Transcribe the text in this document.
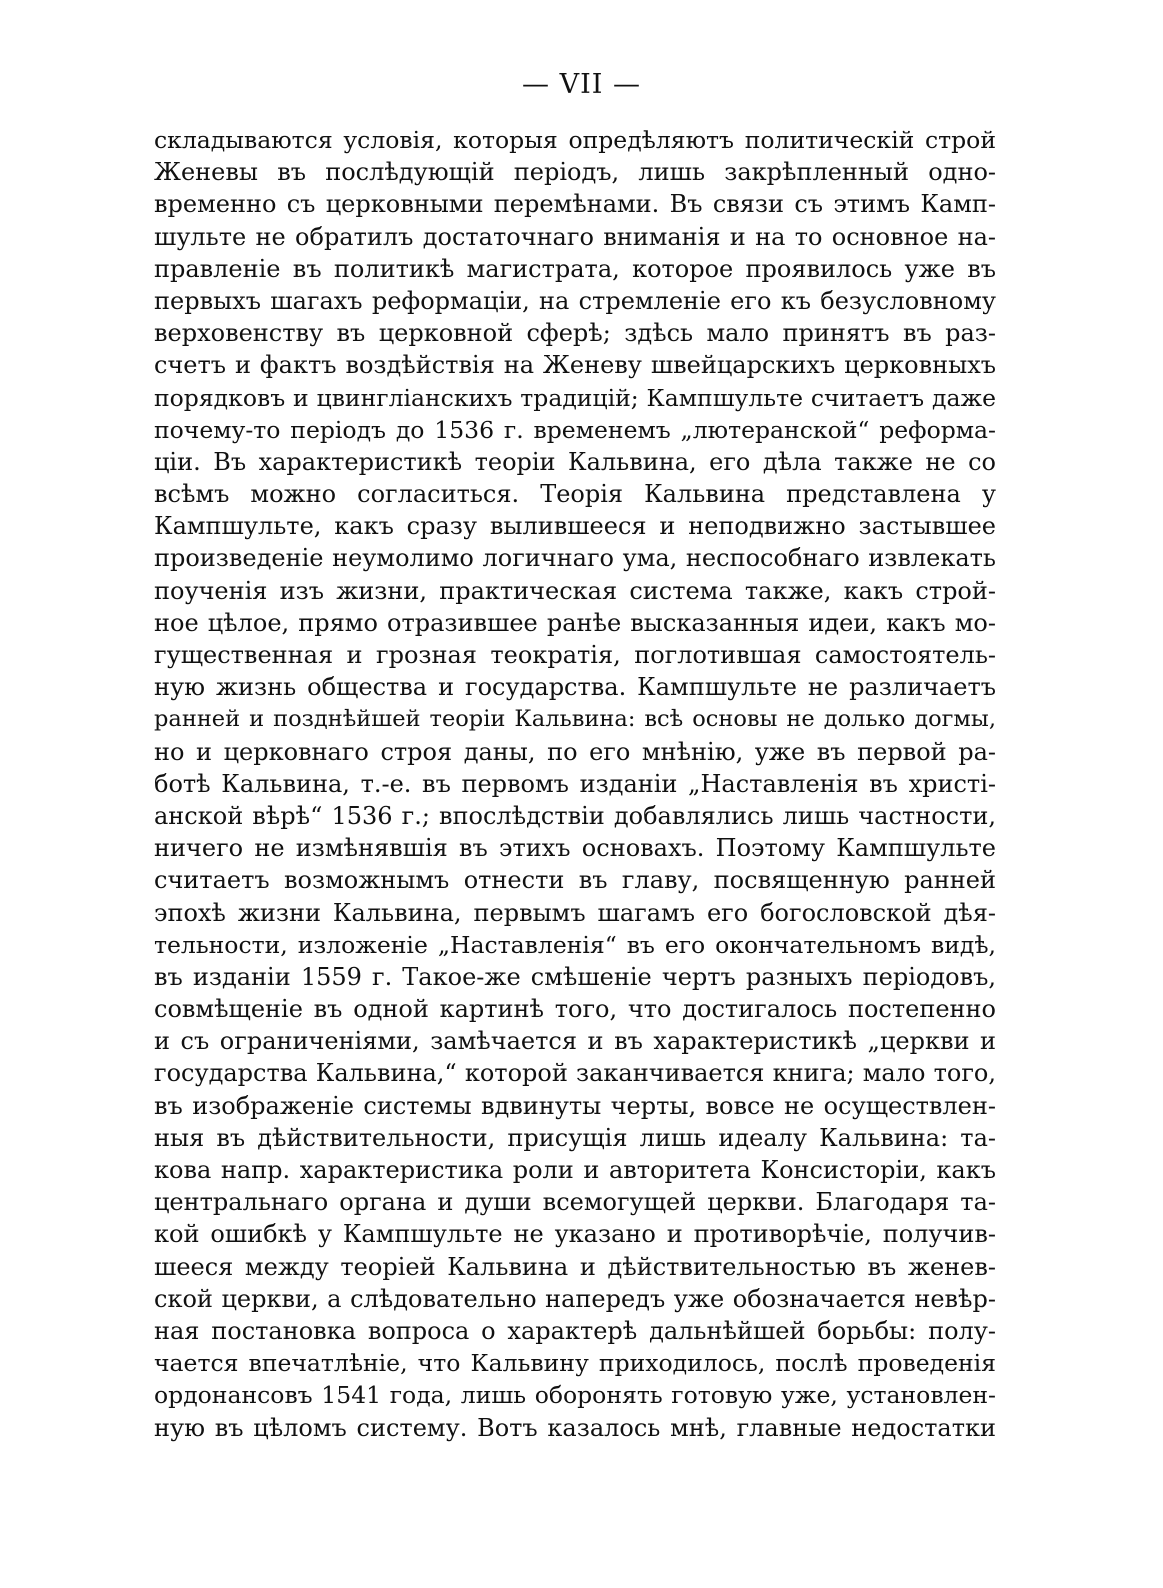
— VII —
складываются условія, которыя опредѣляютъ политическій строй
Женевы въ послѣдующій періодъ, лишь закрѣпленный одно-
временно съ церковными перемѣнами. Въ связи съ этимъ Камп-
шульте не обратилъ достаточнаго вниманія и на то основное на-
правленіе въ политикѣ магистрата, которое проявилось уже въ
первыхъ шагахъ реформаціи, на стремленіе его къ безусловному
верховенству въ церковной сферѣ; здѣсь мало принятъ въ раз-
счетъ и фактъ воздѣйствія на Женеву швейцарскихъ церковныхъ
порядковъ и цвингліанскихъ традицій; Кампшульте считаетъ даже
почему-то періодъ до 1536 г. временемъ „лютеранской“ реформа-
ціи. Въ характеристикѣ теоріи Кальвина, его дѣла также не со
всѣмъ можно согласиться. Теорія Кальвина представлена у
Кампшульте, какъ сразу вылившееся и неподвижно застывшее
произведеніе неумолимо логичнаго ума, неспособнаго извлекать
поученія изъ жизни, практическая система также, какъ строй-
ное цѣлое, прямо отразившее ранѣе высказанныя идеи, какъ мо-
гущественная и грозная теократія, поглотившая самостоятель-
ную жизнь общества и государства. Кампшульте не различаетъ
ранней и позднѣйшей теоріи Кальвина: всѣ основы не долько догмы,
но и церковнаго строя даны, по его мнѣнію, уже въ первой ра-
ботѣ Кальвина, т.-е. въ первомъ изданіи „Наставленія въ христі-
анской вѣрѣ“ 1536 г.; впослѣдствіи добавлялись лишь частности,
ничего не измѣнявшія въ этихъ основахъ. Поэтому Кампшульте
считаетъ возможнымъ отнести въ главу, посвященную ранней
эпохѣ жизни Кальвина, первымъ шагамъ его богословской дѣя-
тельности, изложеніе „Наставленія“ въ его окончательномъ видѣ,
въ изданіи 1559 г. Такое-же смѣшеніе чертъ разныхъ періодовъ,
совмѣщеніе въ одной картинѣ того, что достигалось постепенно
и съ ограниченіями, замѣчается и въ характеристикѣ „церкви и
государства Кальвина,“ которой заканчивается книга; мало того,
въ изображеніе системы вдвинуты черты, вовсе не осуществлен-
ныя въ дѣйствительности, присущія лишь идеалу Кальвина: та-
кова напр. характеристика роли и авторитета Консисторіи, какъ
центральнаго органа и души всемогущей церкви. Благодаря та-
кой ошибкѣ у Кампшульте не указано и противорѣчіе, получив-
шееся между теоріей Кальвина и дѣйствительностью въ женев-
ской церкви, а слѣдовательно напередъ уже обозначается невѣр-
ная постановка вопроса о характерѣ дальнѣйшей борьбы: полу-
чается впечатлѣніе, что Кальвину приходилось, послѣ проведенія
ордонансовъ 1541 года, лишь оборонять готовую уже, установлен-
ную въ цѣломъ систему. Вотъ казалось мнѣ, главные недостатки
